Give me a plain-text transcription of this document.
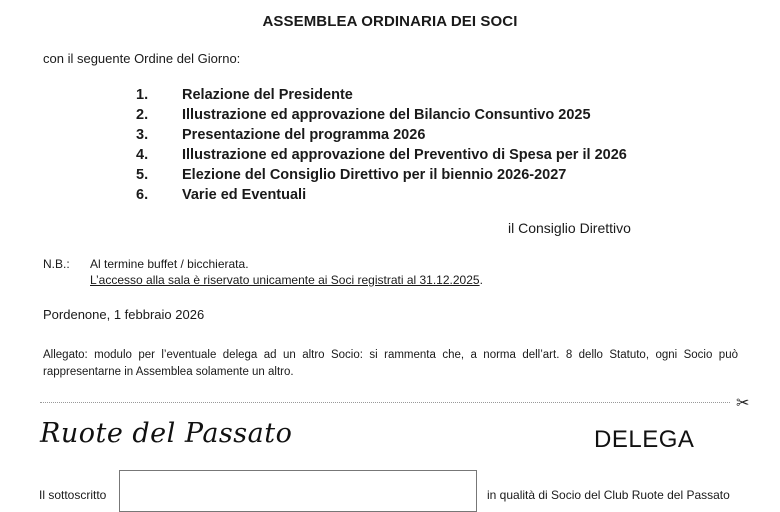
ASSEMBLEA ORDINARIA DEI SOCI
con il seguente Ordine del Giorno:
1. Relazione del Presidente
2. Illustrazione ed approvazione del Bilancio Consuntivo 2025
3. Presentazione del programma 2026
4. Illustrazione ed approvazione del Preventivo di Spesa per il 2026
5. Elezione del Consiglio Direttivo per il biennio 2026-2027
6. Varie ed Eventuali
il Consiglio Direttivo
N.B.: Al termine buffet / bicchierata.
L’accesso alla sala è riservato unicamente ai Soci registrati al 31.12.2025.
Pordenone, 1 febbraio 2026
Allegato: modulo per l’eventuale delega ad un altro Socio: si rammenta che, a norma dell’art. 8 dello Statuto, ogni Socio può rappresentarne in Assemblea solamente un altro.
✂
Ruote del Passato	DELEGA
Il sottoscritto	in qualità di Socio del Club Ruote del Passato
